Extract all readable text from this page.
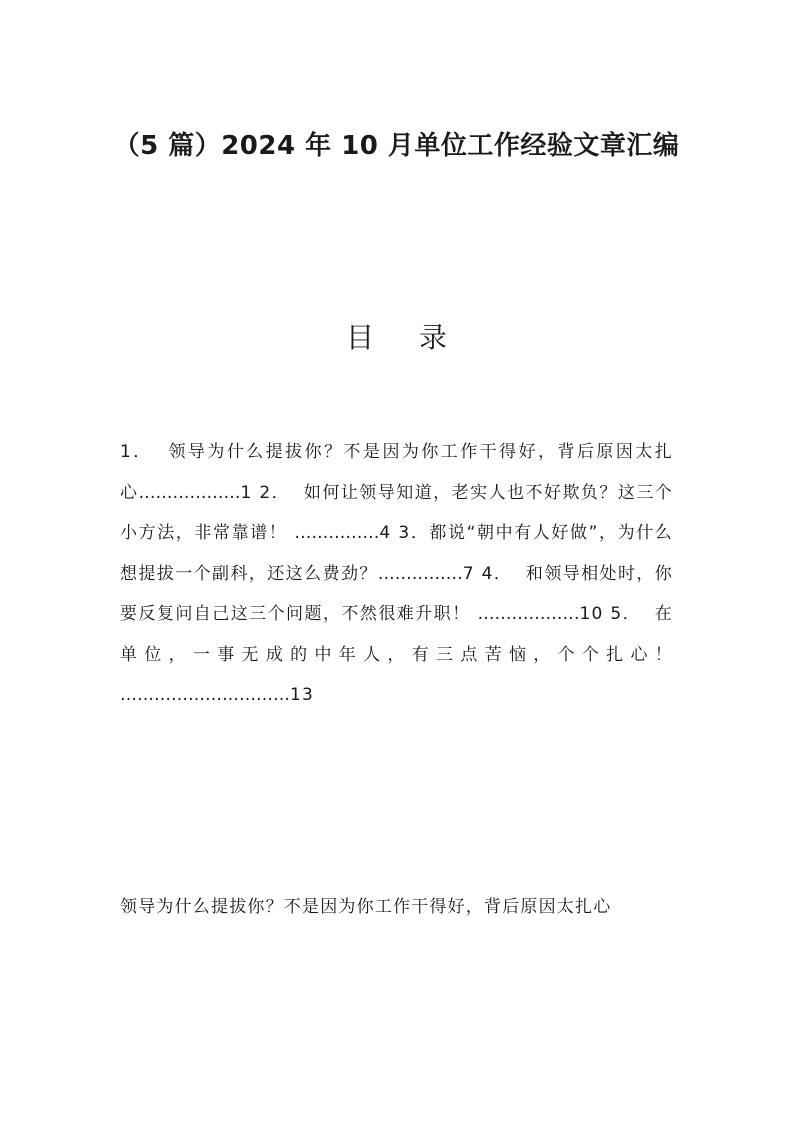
（5 篇）2024 年 10 月单位工作经验文章汇编
目 录
1． 领导为什么提拔你？不是因为你工作干得好，背后原因太扎心………………1 2． 如何让领导知道，老实人也不好欺负？这三个小方法，非常靠谱！ ……………4 3．都说“朝中有人好做”，为什么想提拔一个副科，还这么费劲？……………7 4． 和领导相处时，你要反复问自己这三个问题，不然很难升职！ ………………10 5． 在单位，一事无成的中年人，有三点苦恼，个个扎心！ …………………………13
领导为什么提拔你？不是因为你工作干得好，背后原因太扎心
